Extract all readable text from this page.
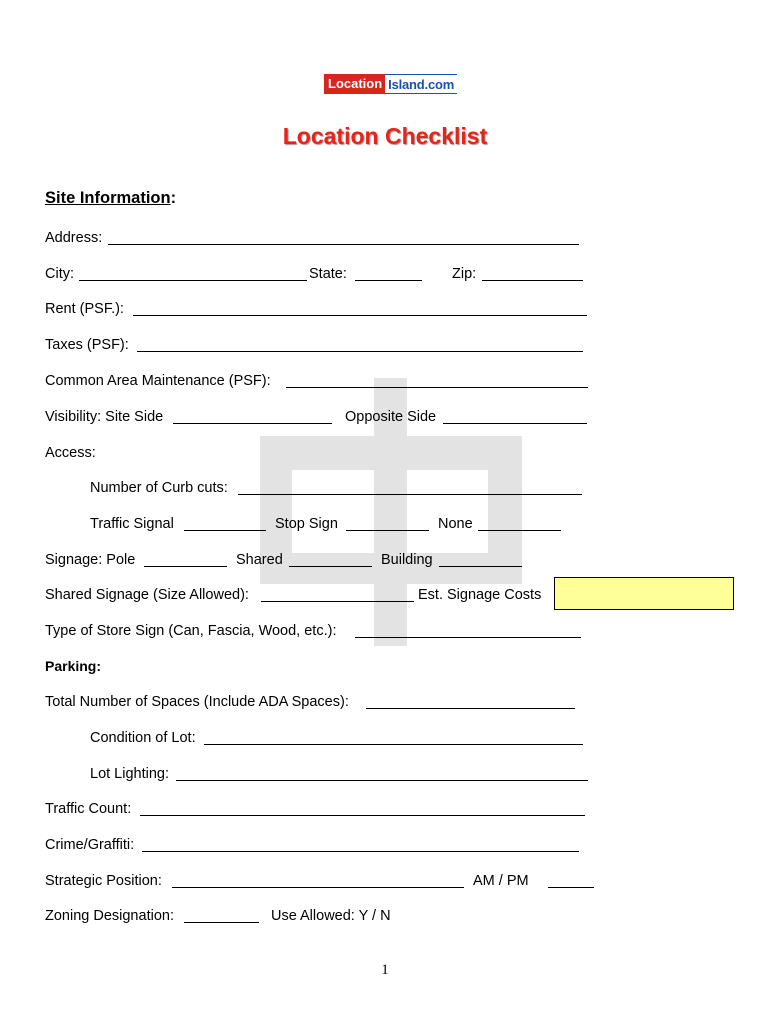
Location Island.com
Location Checklist
Site Information:
Address:
City:	State:	Zip:
Rent (PSF.):
Taxes (PSF):
Common Area Maintenance (PSF):
Visibility: Site Side	Opposite Side
Access:
Number of Curb cuts:
Traffic Signal	Stop Sign	None
Signage: Pole	Shared	Building
Shared Signage (Size Allowed):	Est. Signage Costs
Type of Store Sign (Can, Fascia, Wood, etc.):
Parking:
Total Number of Spaces (Include ADA Spaces):
Condition of Lot:
Lot Lighting:
Traffic Count:
Crime/Graffiti:
Strategic Position:	AM / PM
Zoning Designation:	Use Allowed: Y / N
1
